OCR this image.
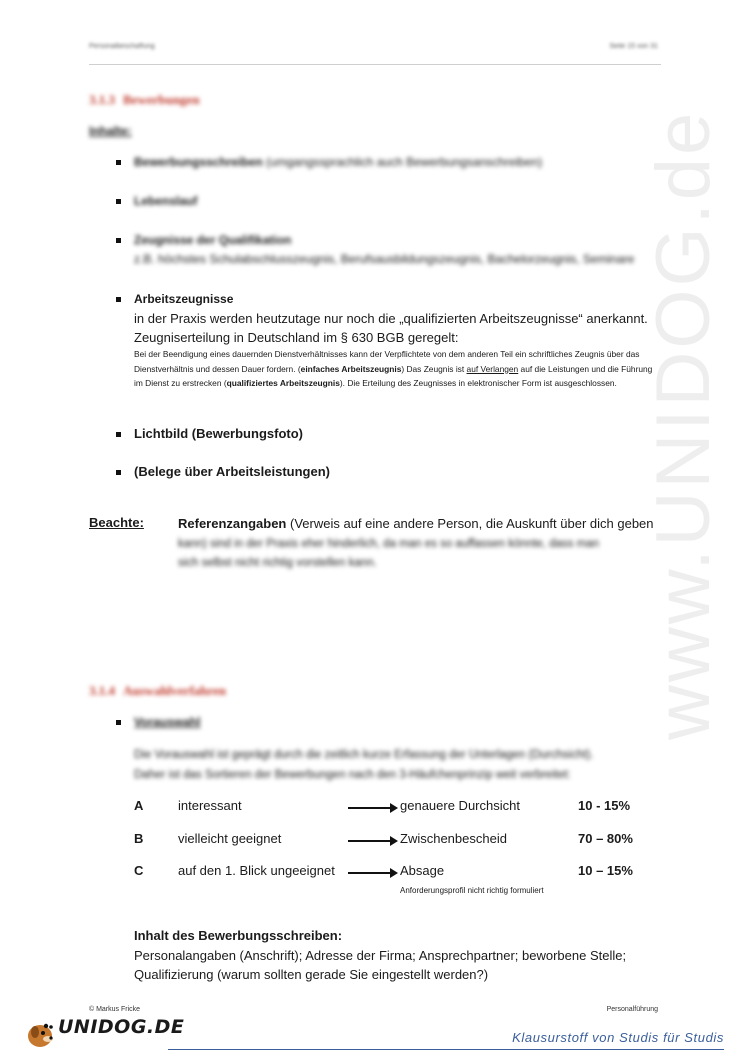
Personalbeschaffung	Seite 15 von 31
www.UNIDOG.de
3.1.3 Bewerbungen
Inhalte:
Bewerbungsschreiben (umgangssprachlich auch Bewerbungsanschreiben)
Lebenslauf
Zeugnisse der Qualifikation
z.B. höchstes Schulabschlusszeugnis, Berufsausbildungszeugnis, Bachelorzeugnis, Seminare
Arbeitszeugnisse
in der Praxis werden heutzutage nur noch die „qualifizierten Arbeitszeugnisse“ anerkannt.
Zeugniserteilung in Deutschland im § 630 BGB geregelt:
Bei der Beendigung eines dauernden Dienstverhältnisses kann der Verpflichtete von dem anderen Teil ein schriftliches Zeugnis über das Dienstverhältnis und dessen Dauer fordern. (einfaches Arbeitszeugnis) Das Zeugnis ist auf Verlangen auf die Leistungen und die Führung im Dienst zu erstrecken (qualifiziertes Arbeitszeugnis). Die Erteilung des Zeugnisses in elektronischer Form ist ausgeschlossen.
Lichtbild (Bewerbungsfoto)
(Belege über Arbeitsleistungen)
Beachte:	Referenzangaben (Verweis auf eine andere Person, die Auskunft über dich geben
kann) sind in der Praxis eher hinderlich, da man es so auffassen könnte, dass man
sich selbst nicht richtig vorstellen kann.
3.1.4 Auswahlverfahren
Vorauswahl
Die Vorauswahl ist geprägt durch die zeitlich kurze Erfassung der Unterlagen (Durchsicht).
Daher ist das Sortieren der Bewerbungen nach den 3-Häufchenprinzip weit verbreitet:
A	interessant	genauere Durchsicht	10 - 15%
B	vielleicht geeignet	Zwischenbescheid	70 – 80%
C	auf den 1. Blick ungeeignet	Absage	10 – 15%
Anforderungsprofil nicht richtig formuliert
Inhalt des Bewerbungsschreiben:
Personalangaben (Anschrift); Adresse der Firma; Ansprechpartner; beworbene Stelle;
Qualifizierung (warum sollten gerade Sie eingestellt werden?)
© Markus Fricke	Personalführung
UNIDOG.DE	Klausurstoff von Studis für Studis
